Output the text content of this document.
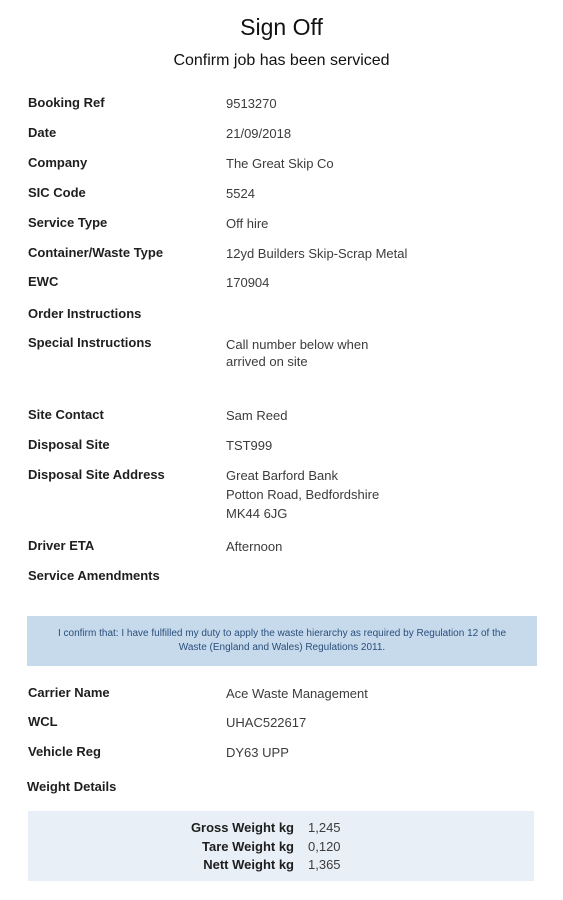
Sign Off
Confirm job has been serviced
Booking Ref	9513270
Date	21/09/2018
Company	The Great Skip Co
SIC Code	5524
Service Type	Off hire
Container/Waste Type	12yd Builders Skip-Scrap Metal
EWC	170904
Order Instructions
Special Instructions	Call number below when
arrived on site
Site Contact	Sam Reed
Disposal Site	TST999
Disposal Site Address	Great Barford Bank
Potton Road, Bedfordshire
MK44 6JG
Driver ETA	Afternoon
Service Amendments
I confirm that: I have fulfilled my duty to apply the waste hierarchy as required by Regulation 12 of the Waste (England and Wales) Regulations 2011.
Carrier Name	Ace Waste Management
WCL	UHAC522617
Vehicle Reg	DY63 UPP
Weight Details
Gross Weight kg 1,245
Tare Weight kg 0,120
Nett Weight kg 1,365
